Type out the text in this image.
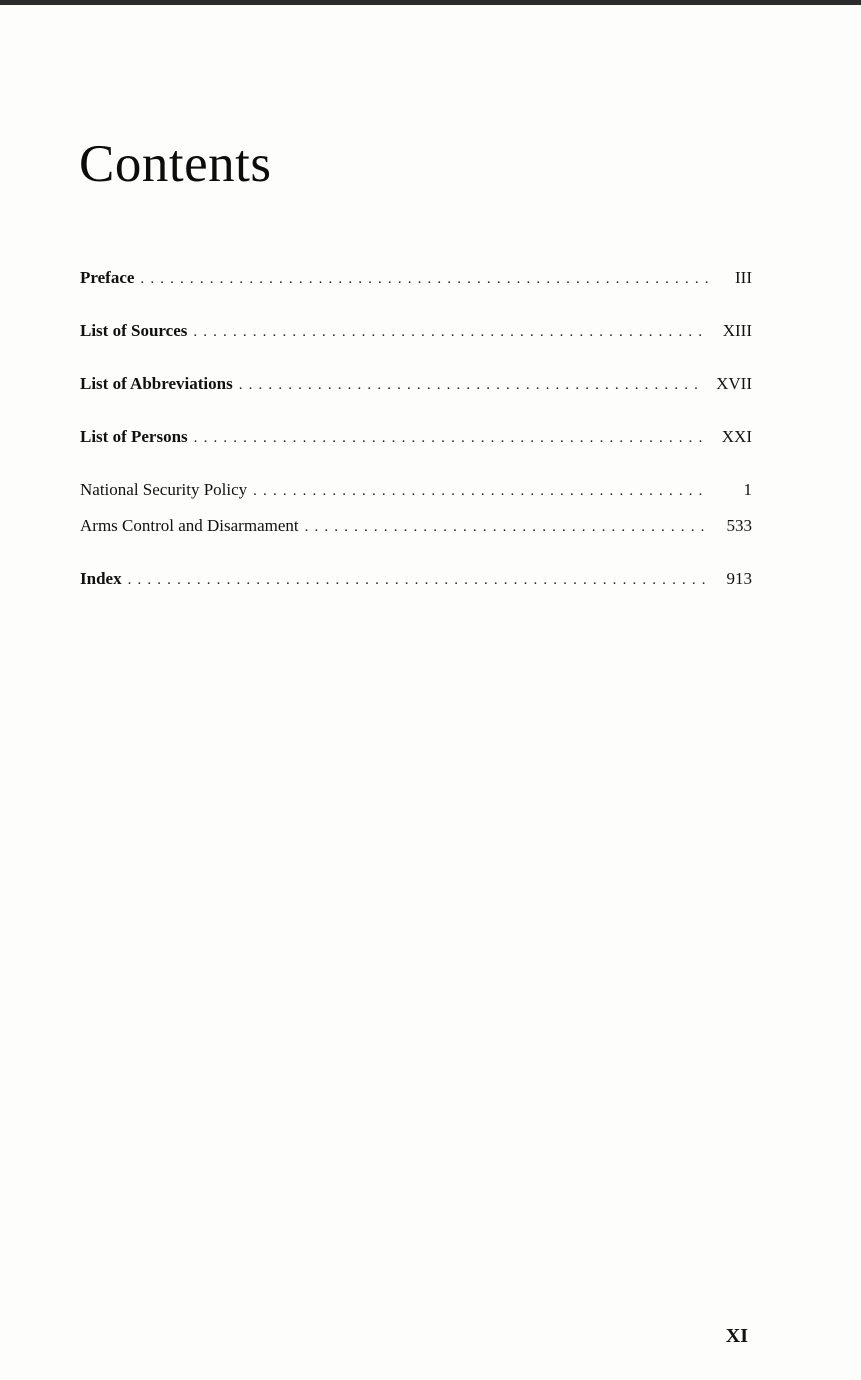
Contents
Preface . . .	III
List of Sources . . .	XIII
List of Abbreviations . . .	XVII
List of Persons . . .	XXI
National Security Policy . . .	1
Arms Control and Disarmament . . .	533
Index . . .	913
XI
